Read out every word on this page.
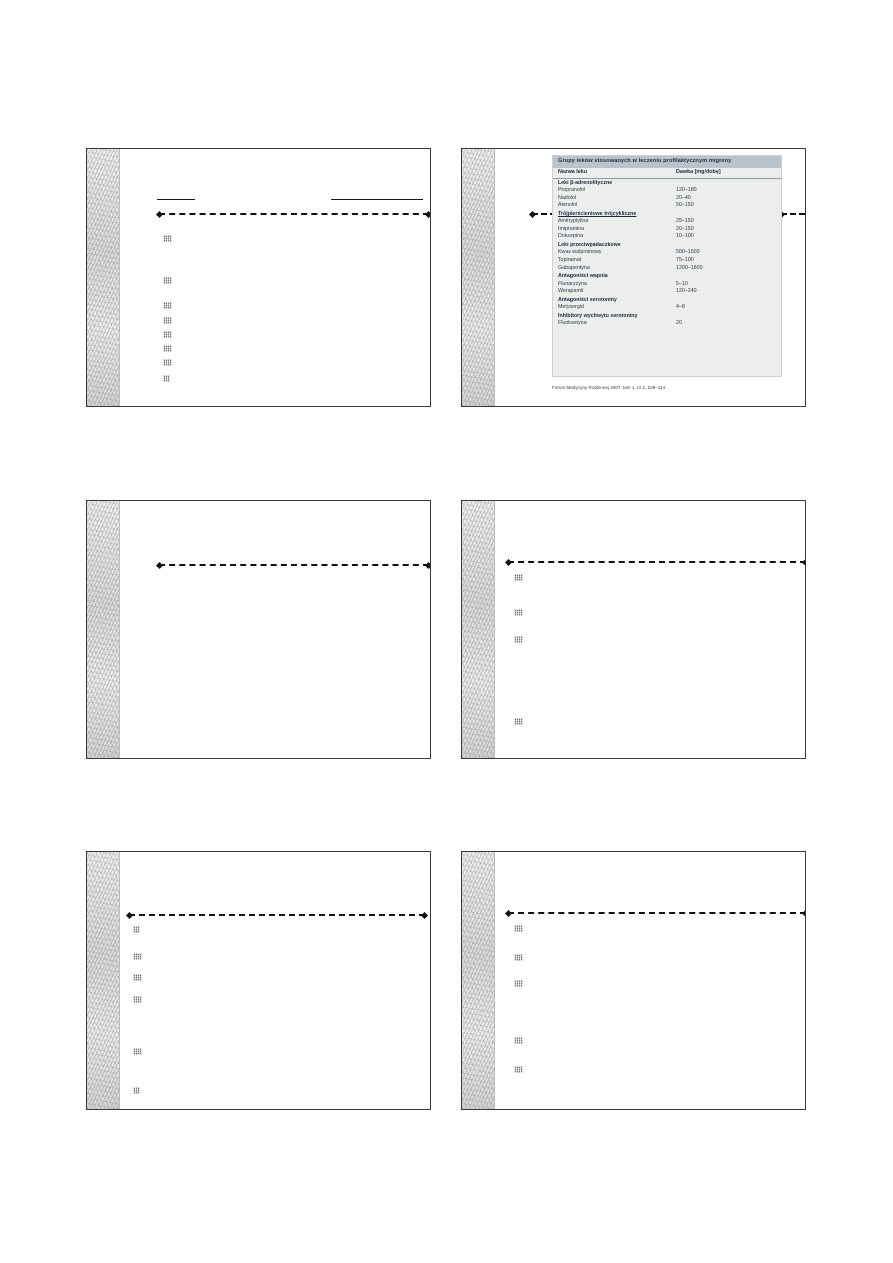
Grupy leków stosowanych w leczeniu profilaktycznym migreny
Nazwa leku	Dawka [mg/dobę]
Leki β-adrenolityczne
Propranolol	120–180
Nadolol	20–40
Atenolol	50–150
Trójpierścieniowe trójcykliczne
Amitryptylina	25–150
Imipramina	20–150
Doksepina	10–100
Leki przeciwpadaczkowe
Kwas walproinowy	500–1500
Topiramat	75–100
Gabapentyna	1200–1800
Antagoniści wapnia
Flunaryzyna	5–10
Werapamil	120–240
Antagoniści serotoniny
Metysergid	4–8
Inhibitory wychwytu serotoniny
Fluoksetyna	20
Forum Medycyny Rodzinnej 2007, tom 1, nr 2, 109–114
